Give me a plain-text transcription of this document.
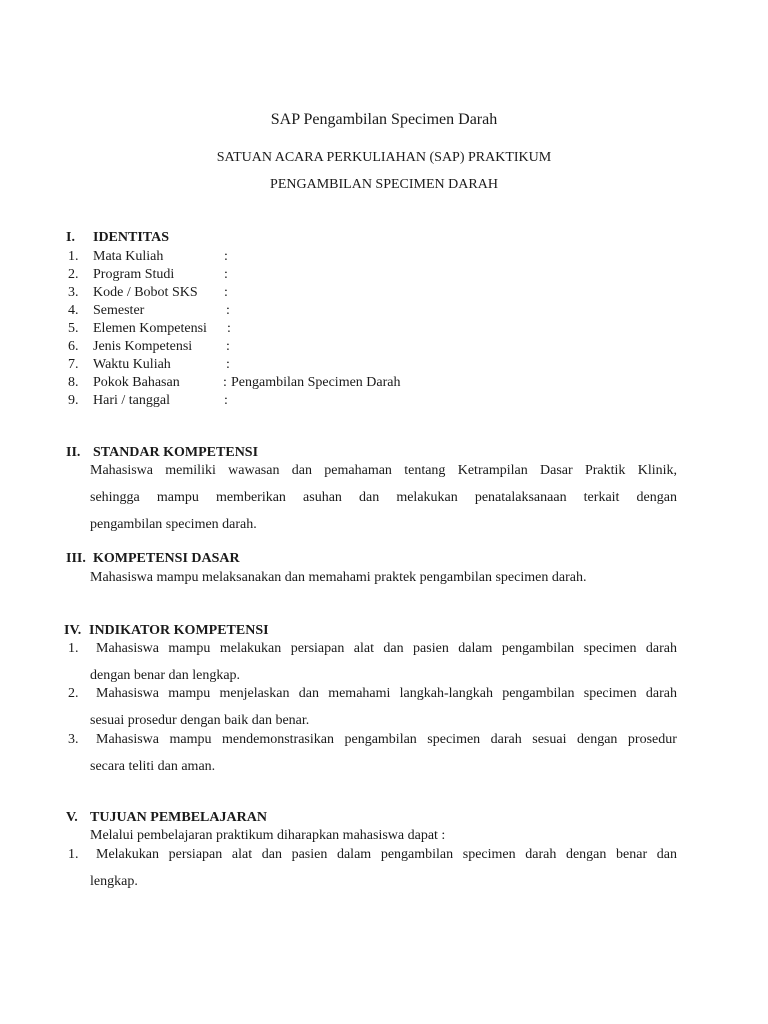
SAP Pengambilan Specimen Darah
SATUAN ACARA PERKULIAHAN (SAP) PRAKTIKUM
PENGAMBILAN SPECIMEN DARAH
I. IDENTITAS
1. Mata Kuliah	:
2. Program Studi	:
3. Kode / Bobot SKS :
4. Semester	:
5. Elemen Kompetensi :
6. Jenis Kompetensi :
7. Waktu Kuliah	:
8. Pokok Bahasan	: Pengambilan Specimen Darah
9. Hari / tanggal	:
II. STANDAR KOMPETENSI
Mahasiswa memiliki wawasan dan pemahaman tentang Ketrampilan Dasar Praktik Klinik,
sehingga mampu memberikan asuhan dan melakukan penatalaksanaan terkait dengan
pengambilan specimen darah.
III. KOMPETENSI DASAR
Mahasiswa mampu melaksanakan dan memahami praktek pengambilan specimen darah.
IV. INDIKATOR KOMPETENSI
1. Mahasiswa mampu melakukan persiapan alat dan pasien dalam pengambilan specimen darah
dengan benar dan lengkap.
2. Mahasiswa mampu menjelaskan dan memahami langkah-langkah pengambilan specimen darah
sesuai prosedur dengan baik dan benar.
3. Mahasiswa mampu mendemonstrasikan pengambilan specimen darah sesuai dengan prosedur
secara teliti dan aman.
V. TUJUAN PEMBELAJARAN
Melalui pembelajaran praktikum diharapkan mahasiswa dapat :
1. Melakukan persiapan alat dan pasien dalam pengambilan specimen darah dengan benar dan
lengkap.
